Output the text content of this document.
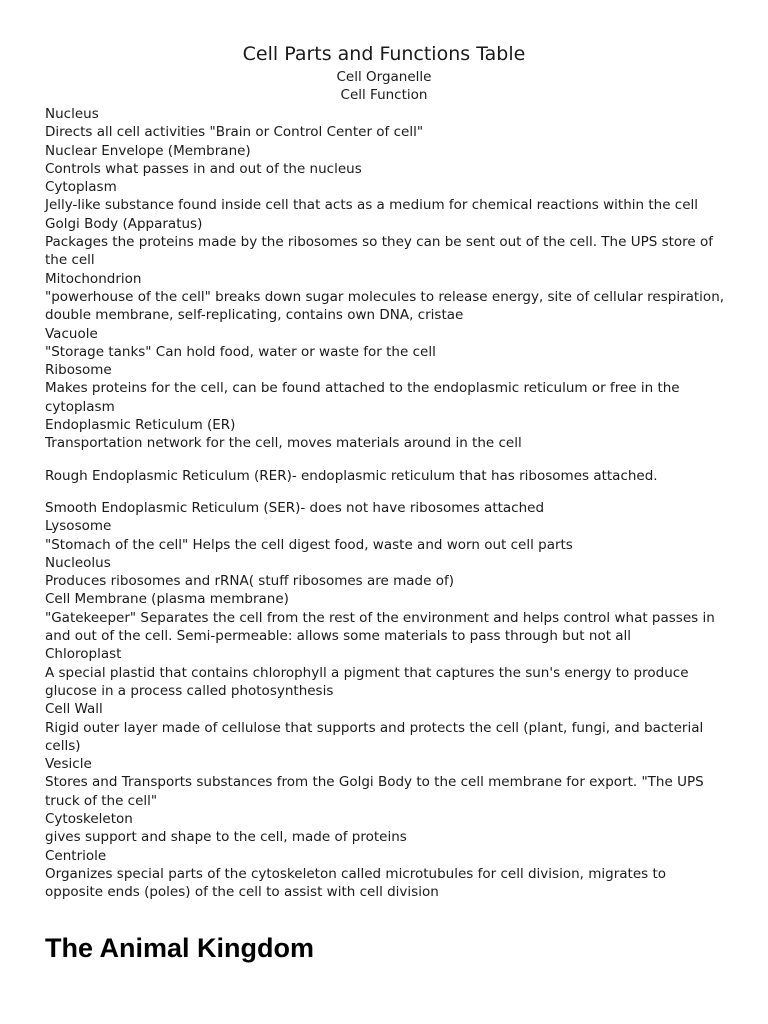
Cell Parts and Functions Table
Cell Organelle
Cell Function
Nucleus
Directs all cell activities "Brain or Control Center of cell"
Nuclear Envelope (Membrane)
Controls what passes in and out of the nucleus
Cytoplasm
Jelly-like substance found inside cell that acts as a medium for chemical reactions within the cell
Golgi Body (Apparatus)
Packages the proteins made by the ribosomes so they can be sent out of the cell. The UPS store of the cell
Mitochondrion
"powerhouse of the cell" breaks down sugar molecules to release energy, site of cellular respiration, double membrane, self-replicating, contains own DNA, cristae
Vacuole
"Storage tanks" Can hold food, water or waste for the cell
Ribosome
Makes proteins for the cell, can be found attached to the endoplasmic reticulum or free in the cytoplasm
Endoplasmic Reticulum (ER)
Transportation network for the cell, moves materials around in the cell
Rough Endoplasmic Reticulum (RER)- endoplasmic reticulum that has ribosomes attached.
Smooth Endoplasmic Reticulum (SER)- does not have ribosomes attached
Lysosome
"Stomach of the cell" Helps the cell digest food, waste and worn out cell parts
Nucleolus
Produces ribosomes and rRNA( stuff ribosomes are made of)
Cell Membrane (plasma membrane)
"Gatekeeper" Separates the cell from the rest of the environment and helps control what passes in and out of the cell. Semi-permeable: allows some materials to pass through but not all
Chloroplast
A special plastid that contains chlorophyll a pigment that captures the sun's energy to produce glucose in a process called photosynthesis
Cell Wall
Rigid outer layer made of cellulose that supports and protects the cell (plant, fungi, and bacterial cells)
Vesicle
Stores and Transports substances from the Golgi Body to the cell membrane for export. "The UPS truck of the cell"
Cytoskeleton
gives support and shape to the cell, made of proteins
Centriole
Organizes special parts of the cytoskeleton called microtubules for cell division, migrates to opposite ends (poles) of the cell to assist with cell division
The Animal Kingdom
